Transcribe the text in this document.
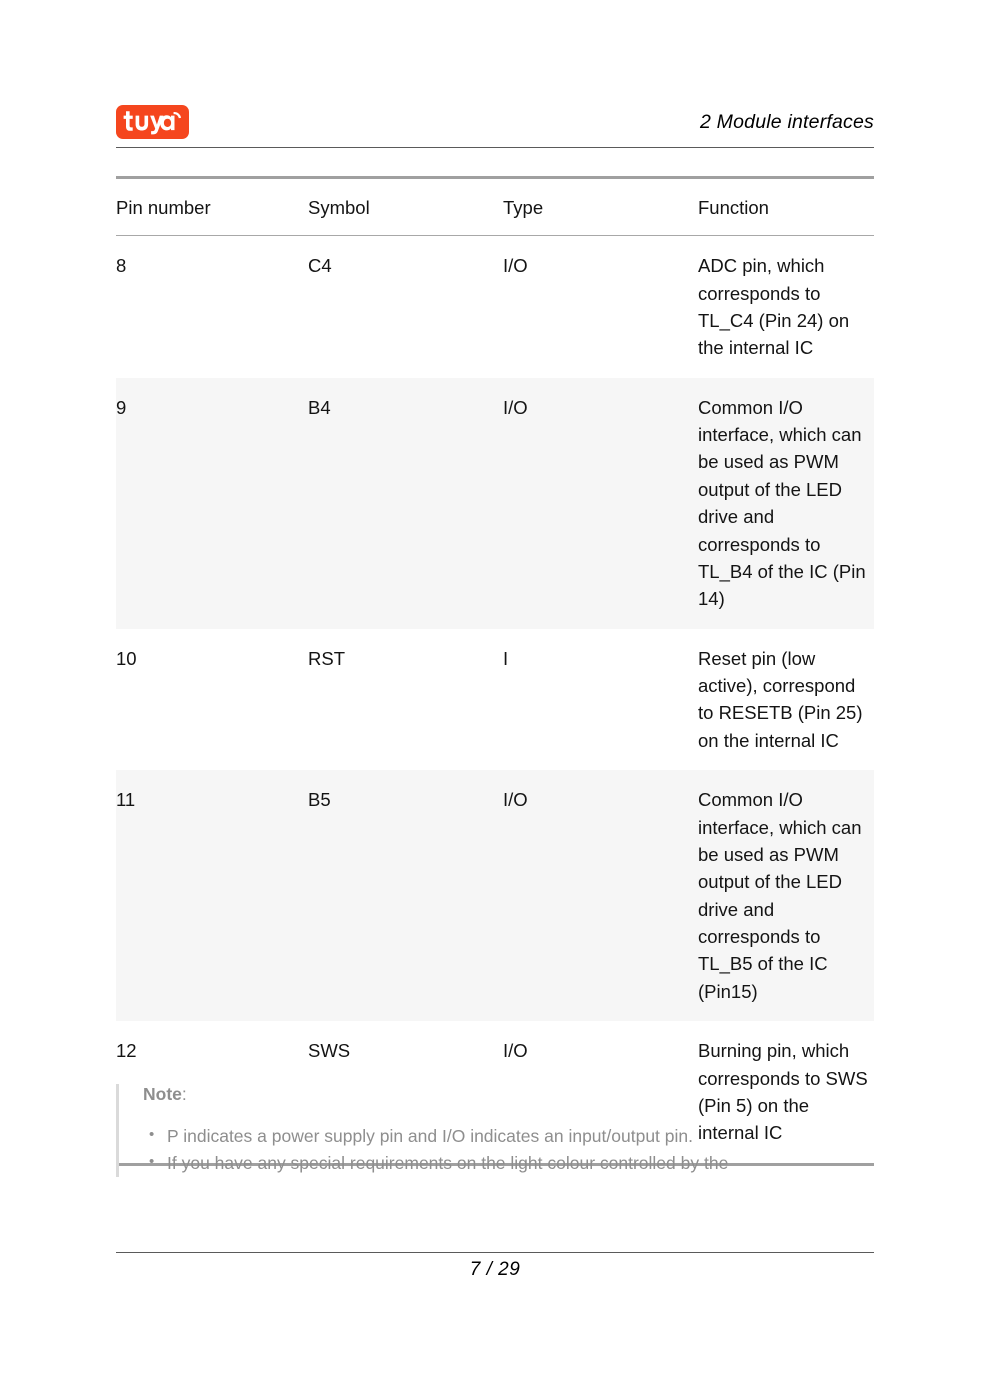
2 Module interfaces
Pin number	Symbol	Type	Function
8	C4	I/O	ADC pin, which corresponds to TL_C4 (Pin 24) on the internal IC
9	B4	I/O	Common I/O interface, which can be used as PWM output of the LED drive and corresponds to TL_B4 of the IC (Pin 14)
10	RST	I	Reset pin (low active), correspond to RESETB (Pin 25) on the internal IC
11	B5	I/O	Common I/O interface, which can be used as PWM output of the LED drive and corresponds to TL_B5 of the IC (Pin15)
12	SWS	I/O	Burning pin, which corresponds to SWS (Pin 5) on the internal IC

Note:

• P indicates a power supply pin and I/O indicates an input/output pin.
• If you have any special requirements on the light colour controlled by the
7 / 29
